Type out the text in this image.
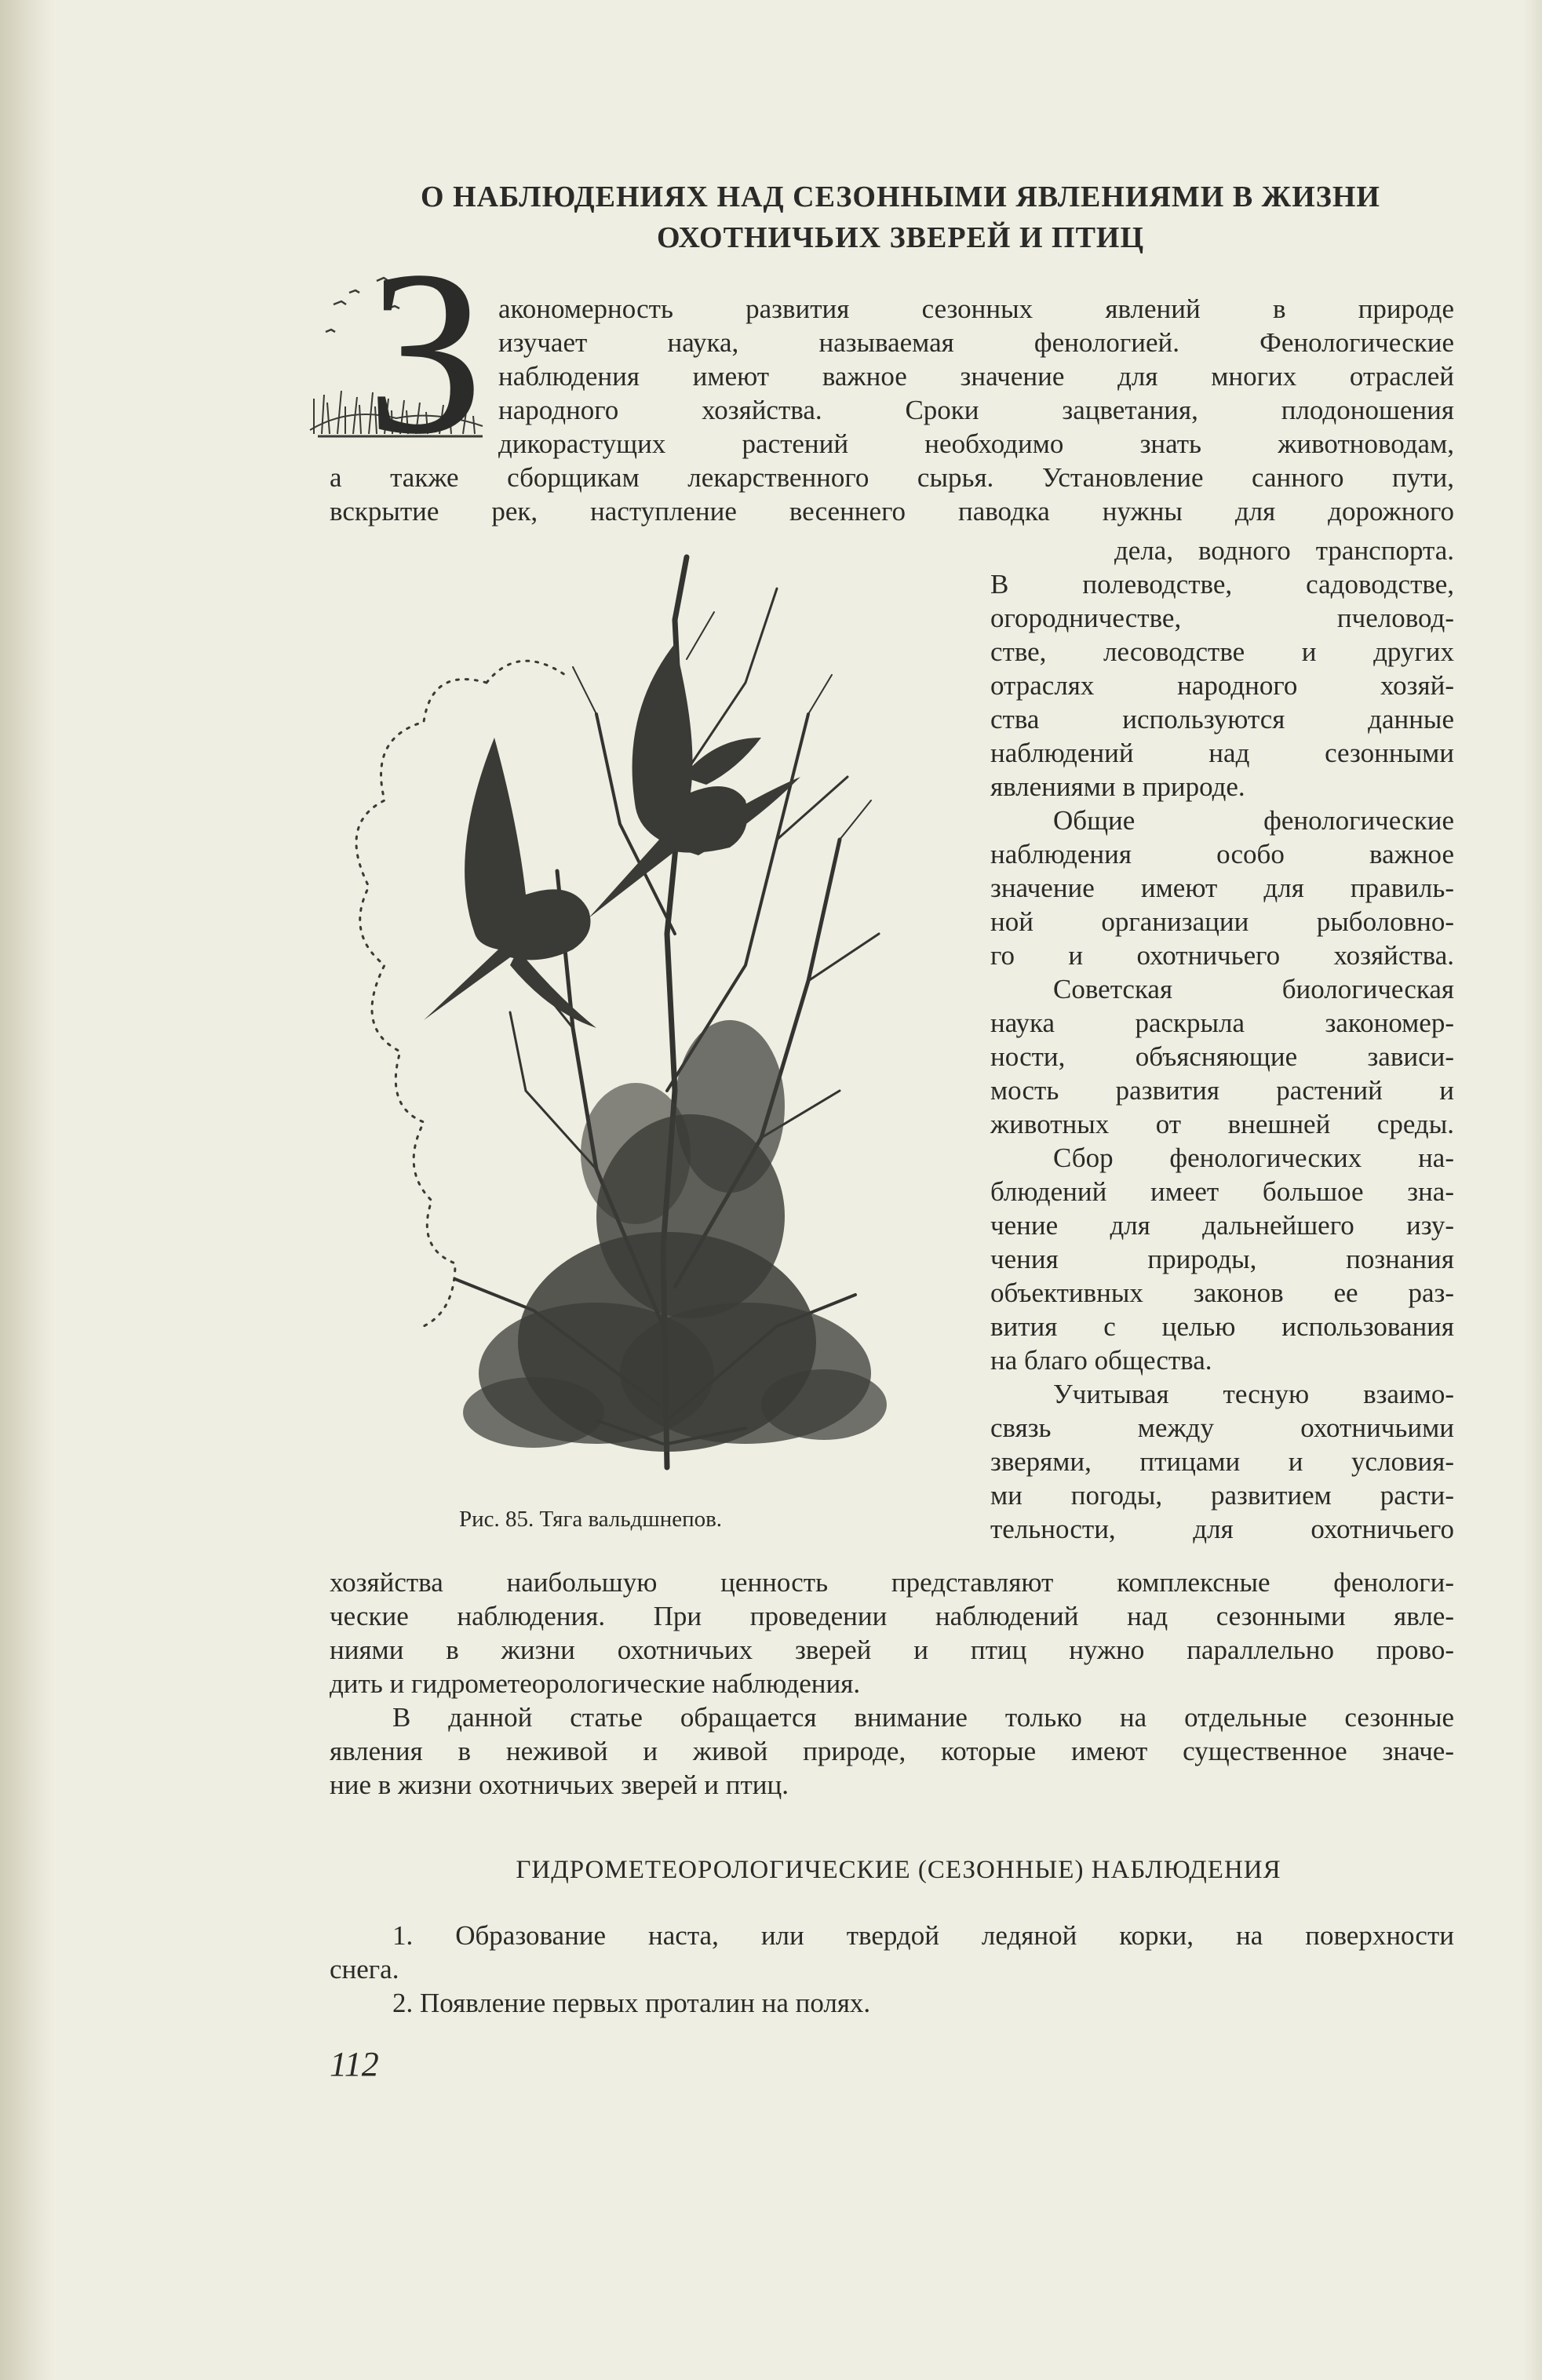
О НАБЛЮДЕНИЯХ НАД СЕЗОННЫМИ ЯВЛЕНИЯМИ В ЖИЗНИ
ОХОТНИЧЬИХ ЗВЕРЕЙ И ПТИЦ
З акономерность развития сезонных явлений в природе
изучает наука, называемая фенологией. Фенологические
наблюдения имеют важное значение для многих отраслей
народного хозяйства. Сроки зацветания, плодоношения
дикорастущих растений необходимо знать животноводам,
а также сборщикам лекарственного сырья. Установление санного пути,
вскрытие рек, наступление весеннего паводка нужны для дорожного
Рис. 85. Тяга вальдшнепов.
дела, водного транспорта.
В полеводстве, садоводстве,
огородничестве, пчеловод-
стве, лесоводстве и других
отраслях народного хозяй-
ства используются данные
наблюдений над сезонными
явлениями в природе.
Общие фенологические
наблюдения особо важное
значение имеют для правиль-
ной организации рыболовно-
го и охотничьего хозяйства.
Советская биологическая
наука раскрыла закономер-
ности, объясняющие зависи-
мость развития растений и
животных от внешней среды.
Сбор фенологических на-
блюдений имеет большое зна-
чение для дальнейшего изу-
чения природы, познания
объективных законов ее раз-
вития с целью использования
на благо общества.
Учитывая тесную взаимо-
связь между охотничьими
зверями, птицами и условия-
ми погоды, развитием расти-
тельности, для охотничьего
хозяйства наибольшую ценность представляют комплексные фенологи-
ческие наблюдения. При проведении наблюдений над сезонными явле-
ниями в жизни охотничьих зверей и птиц нужно параллельно прово-
дить и гидрометеорологические наблюдения.
В данной статье обращается внимание только на отдельные сезонные
явления в неживой и живой природе, которые имеют существенное значе-
ние в жизни охотничьих зверей и птиц.
ГИДРОМЕТЕОРОЛОГИЧЕСКИЕ (СЕЗОННЫЕ) НАБЛЮДЕНИЯ
1. Образование наста, или твердой ледяной корки, на поверхности
снега.
2. Появление первых проталин на полях.
112
